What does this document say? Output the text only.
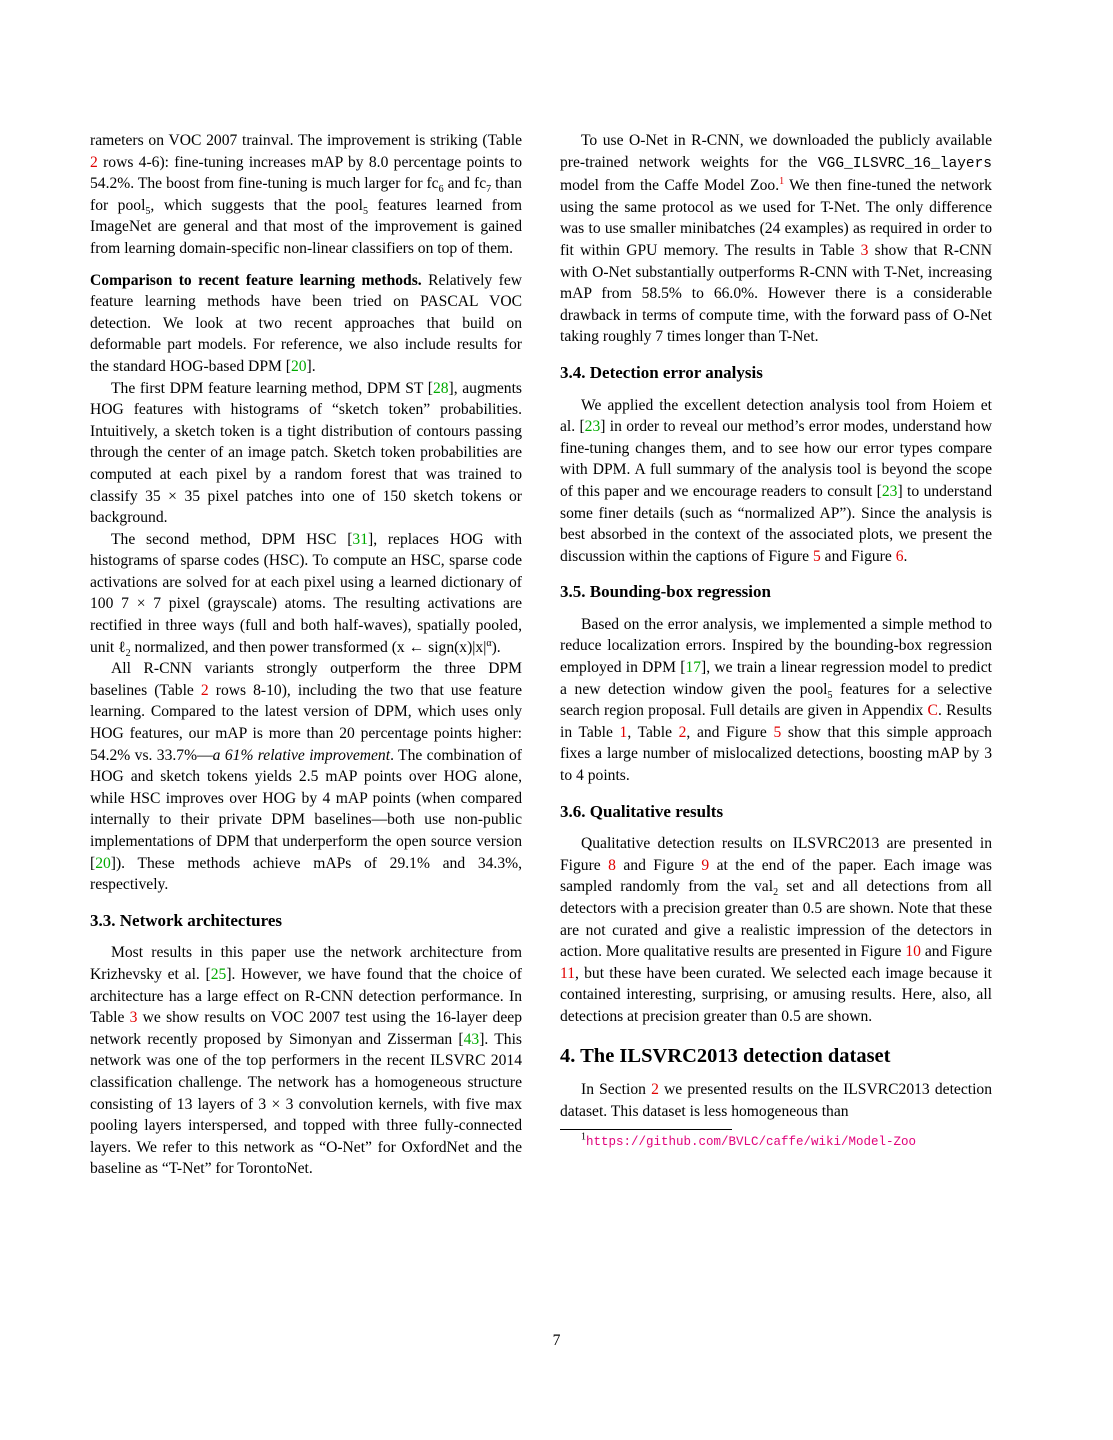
rameters on VOC 2007 trainval. The improvement is striking (Table 2 rows 4-6): fine-tuning increases mAP by 8.0 percentage points to 54.2%. The boost from fine-tuning is much larger for $fc_6$ and $fc_7$ than for pool$_5$, which suggests that the pool$_5$ features learned from ImageNet are general and that most of the improvement is gained from learning domain-specific non-linear classifiers on top of them.

Comparison to recent feature learning methods. Relatively few feature learning methods have been tried on PASCAL VOC detection. We look at two recent approaches that build on deformable part models. For reference, we also include results for the standard HOG-based DPM [20].

The first DPM feature learning method, DPM ST [28], augments HOG features with histograms of “sketch token” probabilities. Intuitively, a sketch token is a tight distribution of contours passing through the center of an image patch. Sketch token probabilities are computed at each pixel by a random forest that was trained to classify 35 × 35 pixel patches into one of 150 sketch tokens or background.

The second method, DPM HSC [31], replaces HOG with histograms of sparse codes (HSC). To compute an HSC, sparse code activations are solved for at each pixel using a learned dictionary of 100 7 × 7 pixel (grayscale) atoms. The resulting activations are rectified in three ways (full and both half-waves), spatially pooled, unit ℓ$_2$ normalized, and then power transformed (x ← $sign(x)|x|^\alpha$).

All R-CNN variants strongly outperform the three DPM baselines (Table 2 rows 8-10), including the two that use feature learning. Compared to the latest version of DPM, which uses only HOG features, our mAP is more than 20 percentage points higher: 54.2% vs. 33.7%—a 61% relative improvement. The combination of HOG and sketch tokens yields 2.5 mAP points over HOG alone, while HSC improves over HOG by 4 mAP points (when compared internally to their private DPM baselines—both use non-public implementations of DPM that underperform the open source version [20]). These methods achieve mAPs of 29.1% and 34.3%, respectively.

3.3. Network architectures

Most results in this paper use the network architecture from Krizhevsky et al. [25]. However, we have found that the choice of architecture has a large effect on R-CNN detection performance. In Table 3 we show results on VOC 2007 test using the 16-layer deep network recently proposed by Simonyan and Zisserman [43]. This network was one of the top performers in the recent ILSVRC 2014 classification challenge. The network has a homogeneous structure consisting of 13 layers of 3 × 3 convolution kernels, with five max pooling layers interspersed, and topped with three fully-connected layers. We refer to this network as “O-Net” for OxfordNet and the baseline as “T-Net” for TorontoNet.

To use O-Net in R-CNN, we downloaded the publicly available pre-trained network weights for the VGG_ILSVRC_16_layers model from the Caffe Model Zoo.$^1$ We then fine-tuned the network using the same protocol as we used for T-Net. The only difference was to use smaller minibatches (24 examples) as required in order to fit within GPU memory. The results in Table 3 show that R-CNN with O-Net substantially outperforms R-CNN with T-Net, increasing mAP from 58.5% to 66.0%. However there is a considerable drawback in terms of compute time, with the forward pass of O-Net taking roughly 7 times longer than T-Net.

3.4. Detection error analysis

We applied the excellent detection analysis tool from Hoiem et al. [23] in order to reveal our method’s error modes, understand how fine-tuning changes them, and to see how our error types compare with DPM. A full summary of the analysis tool is beyond the scope of this paper and we encourage readers to consult [23] to understand some finer details (such as “normalized AP”). Since the analysis is best absorbed in the context of the associated plots, we present the discussion within the captions of Figure 5 and Figure 6.

3.5. Bounding-box regression

Based on the error analysis, we implemented a simple method to reduce localization errors. Inspired by the bounding-box regression employed in DPM [17], we train a linear regression model to predict a new detection window given the pool$_5$ features for a selective search region proposal. Full details are given in Appendix C. Results in Table 1, Table 2, and Figure 5 show that this simple approach fixes a large number of mislocalized detections, boosting mAP by 3 to 4 points.

3.6. Qualitative results

Qualitative detection results on ILSVRC2013 are presented in Figure 8 and Figure 9 at the end of the paper. Each image was sampled randomly from the val$_2$ set and all detections from all detectors with a precision greater than 0.5 are shown. Note that these are not curated and give a realistic impression of the detectors in action. More qualitative results are presented in Figure 10 and Figure 11, but these have been curated. We selected each image because it contained interesting, surprising, or amusing results. Here, also, all detections at precision greater than 0.5 are shown.

4. The ILSVRC2013 detection dataset

In Section 2 we presented results on the ILSVRC2013 detection dataset. This dataset is less homogeneous than

$^1$https://github.com/BVLC/caffe/wiki/Model-Zoo
7
